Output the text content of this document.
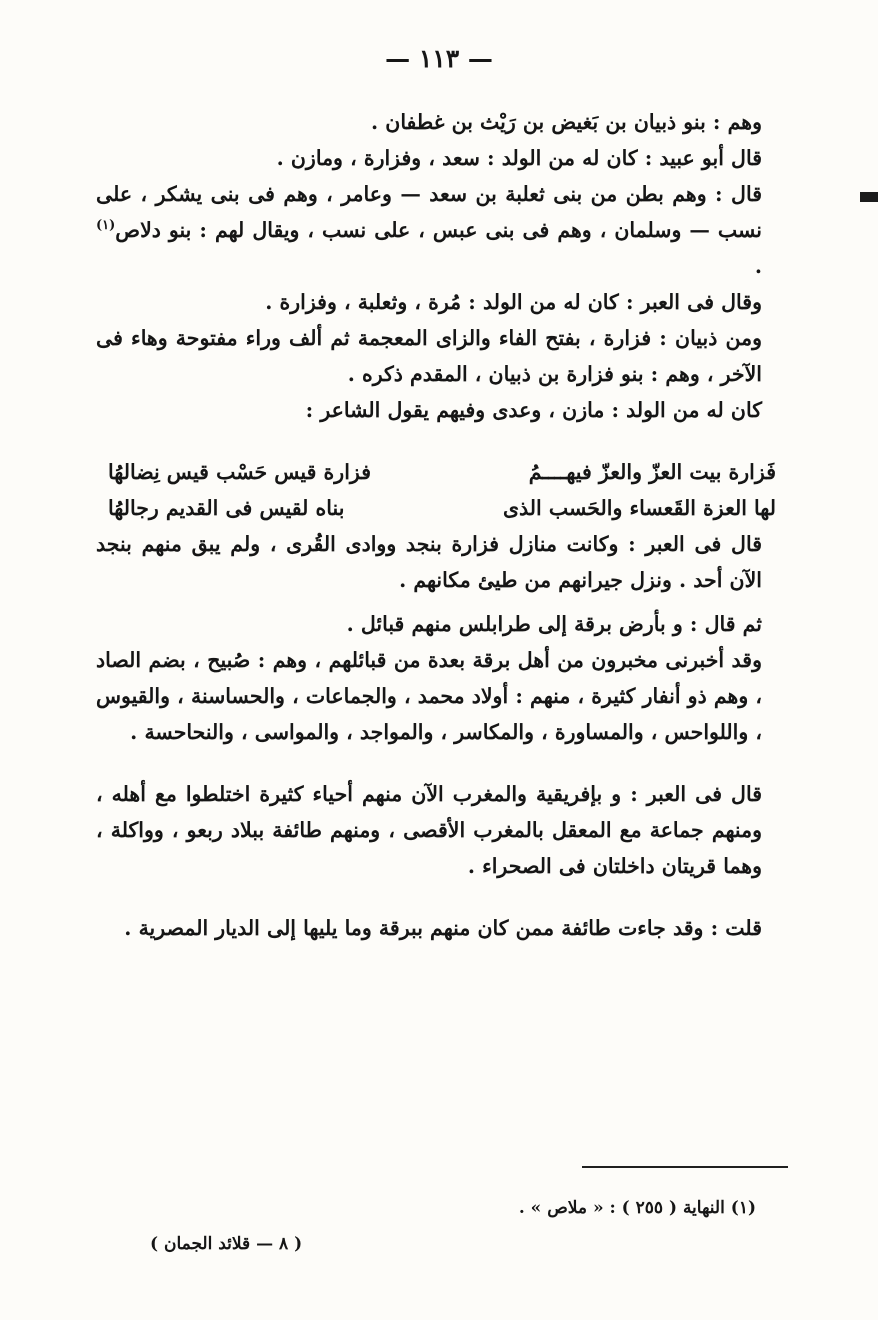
— ١١٣ —

وهم : بنو ذبيان بن بَغيض بن رَيْث بن غطفان .

قال أبو عبيد : كان له من الولد : سعد ، وفزارة ، ومازن .

قال : وهم بطن من بنى ثعلبة بن سعد — وعامر ، وهم فى بنى يشكر ، على نسب — وسلمان ، وهم فى بنى عبس ، على نسب ، ويقال لهم : بنو دلاص$^{(١)}$ .

وقال فى العبر : كان له من الولد : مُرة ، وثعلبة ، وفزارة .

ومن ذبيان : فزارة ، بفتح الفاء والزاى المعجمة ثم ألف وراء مفتوحة وهاء فى الآخر ، وهم : بنو فزارة بن ذبيان ، المقدم ذكره .

كان له من الولد : مازن ، وعدى وفيهم يقول الشاعر :

فَزارة بيت العزّ والعزّ فيهــــمُ
فزارة قيس حَسْب قيس نِضالهُا

لها العزة القَعساء والحَسب الذى
بناه لقيس فى القديم رجالهُا

قال فى العبر : وكانت منازل فزارة بنجد ووادى القُرى ، ولم يبق منهم بنجد الآن أحد . ونزل جيرانهم من طيئ مكانهم .

ثم قال : و بأرض برقة إلى طرابلس منهم قبائل .

وقد أخبرنى مخبرون من أهل برقة بعدة من قبائلهم ، وهم : صُبيح ، بضم الصاد ، وهم ذو أنفار كثيرة ، منهم : أولاد محمد ، والجماعات ، والحساسنة ، والقيوس ، واللواحس ، والمساورة ، والمكاسر ، والمواجد ، والمواسى ، والنحاحسة .

قال فى العبر : و بإفريقية والمغرب الآن منهم أحياء كثيرة اختلطوا مع أهله ، ومنهم جماعة مع المعقل بالمغرب الأقصى ، ومنهم طائفة ببلاد ربعو ، وواكلة ، وهما قريتان داخلتان فى الصحراء .

قلت : وقد جاءت طائفة ممن كان منهم ببرقة وما يليها إلى الديار المصرية .

(١) النهاية ( ٢٥٥ ) : « ملاص » .
( ٨ — قلائد الجمان )
